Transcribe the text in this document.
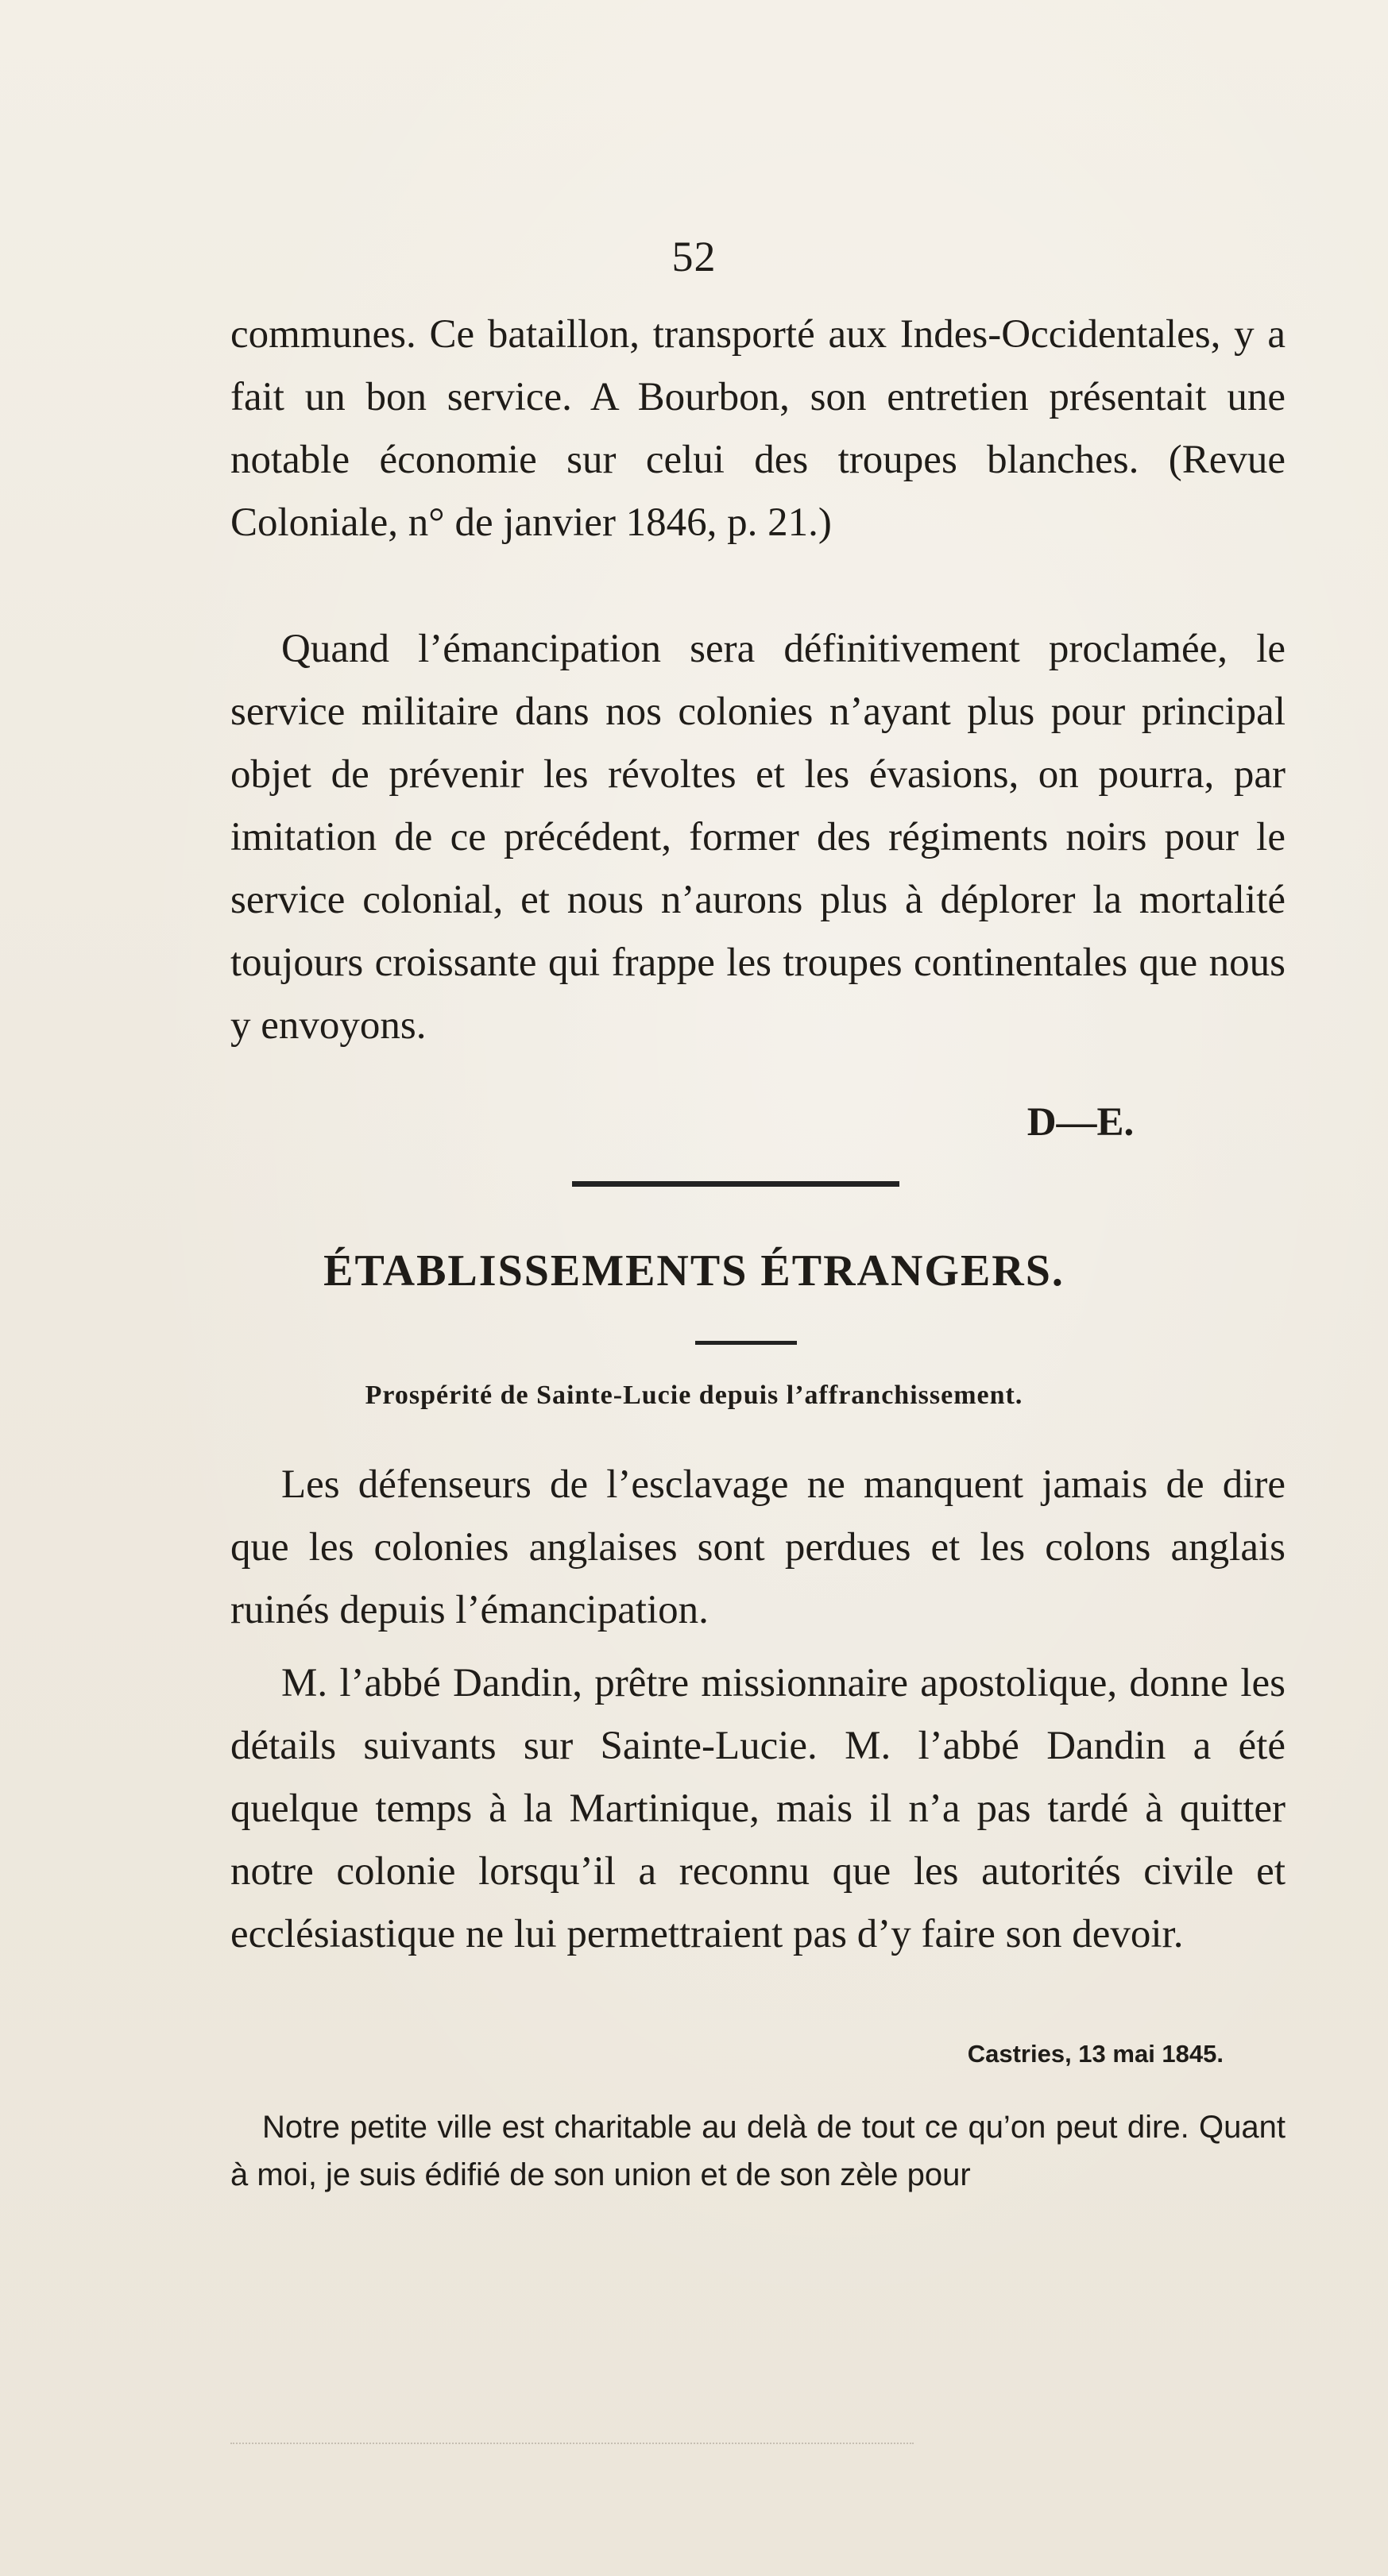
52

communes. Ce bataillon, transporté aux Indes-Occidentales, y a fait un bon service. A Bourbon, son entretien présentait une notable économie sur celui des troupes blanches. (Revue Coloniale, n° de janvier 1846, p. 21.)

Quand l’émancipation sera définitivement proclamée, le service militaire dans nos colonies n’ayant plus pour principal objet de prévenir les révoltes et les évasions, on pourra, par imitation de ce précédent, former des régiments noirs pour le service colonial, et nous n’aurons plus à déplorer la mortalité toujours croissante qui frappe les troupes continentales que nous y envoyons.

D—E.
ÉTABLISSEMENTS ÉTRANGERS.
Prospérité de Sainte-Lucie depuis l’affranchissement.

Les défenseurs de l’esclavage ne manquent jamais de dire que les colonies anglaises sont perdues et les colons anglais ruinés depuis l’émancipation.

M. l’abbé Dandin, prêtre missionnaire apostolique, donne les détails suivants sur Sainte-Lucie. M. l’abbé Dandin a été quelque temps à la Martinique, mais il n’a pas tardé à quitter notre colonie lorsqu’il a reconnu que les autorités civile et ecclésiastique ne lui permettraient pas d’y faire son devoir.

Castries, 13 mai 1845.

Notre petite ville est charitable au delà de tout ce qu’on peut dire. Quant à moi, je suis édifié de son union et de son zèle pour
